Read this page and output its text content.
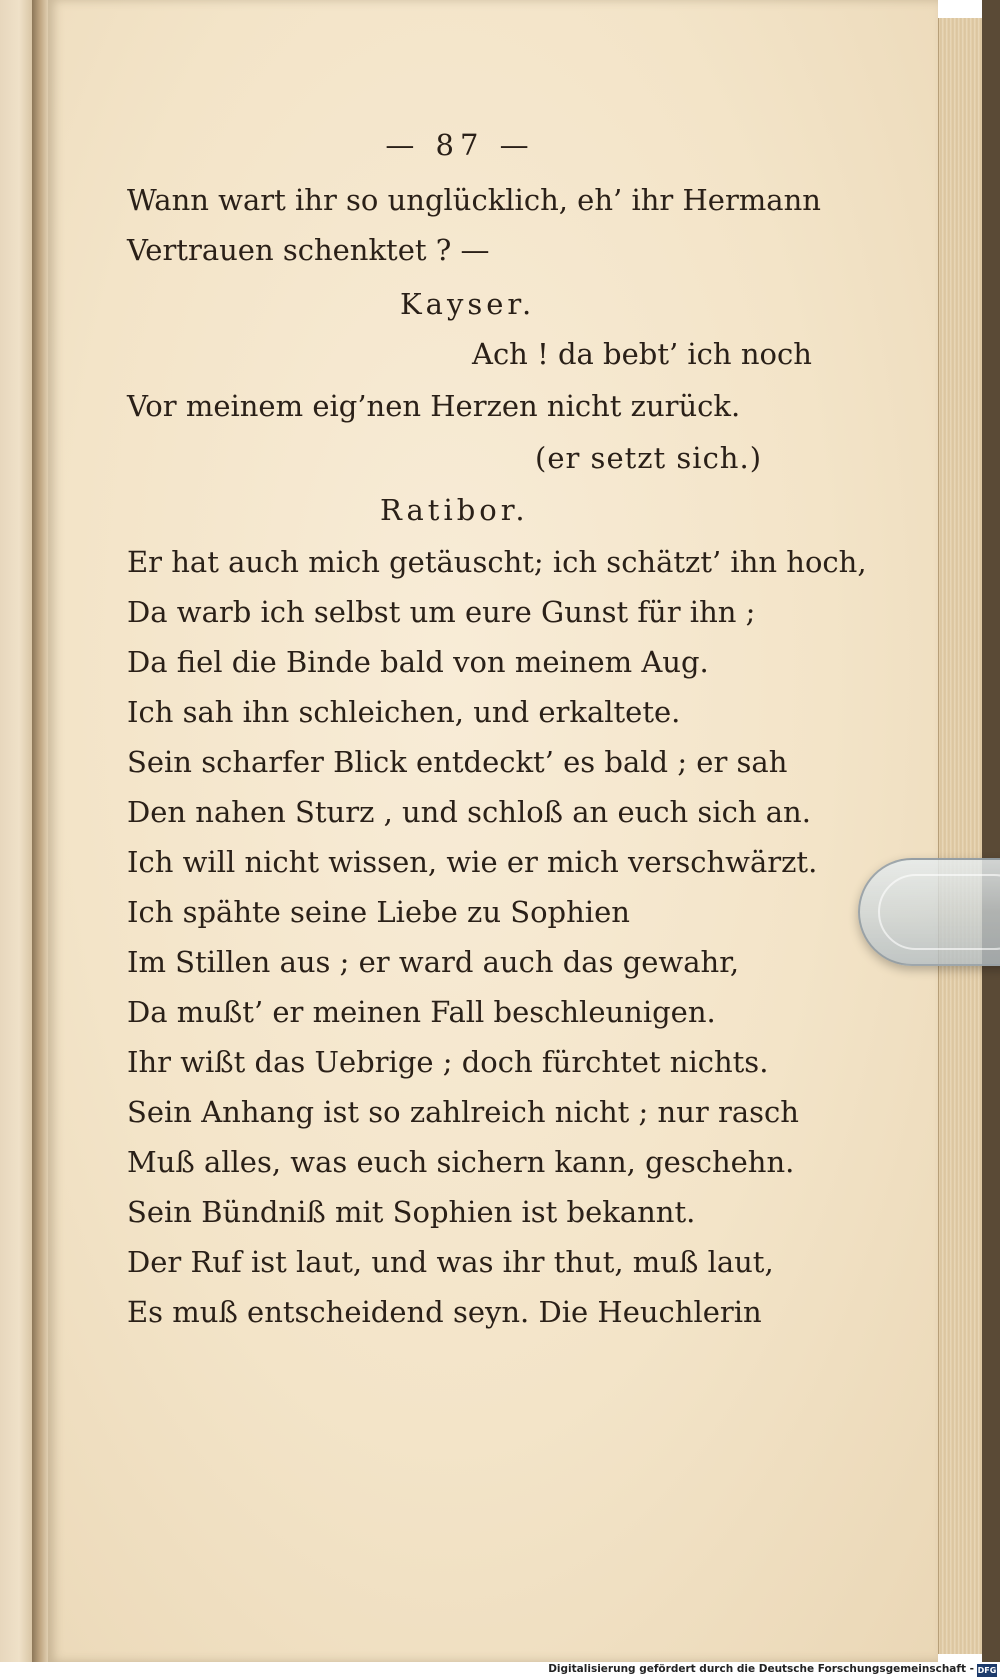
— 87 —
Wann wart ihr so unglücklich, eh’ ihr Hermann
Vertrauen schenktet ? —
Kayser.
Ach ! da bebt’ ich noch
Vor meinem eig’nen Herzen nicht zurück.
(er setzt sich.)
Ratibor.
Er hat auch mich getäuscht; ich schätzt’ ihn hoch,
Da warb ich selbst um eure Gunst für ihn ;
Da fiel die Binde bald von meinem Aug.
Ich sah ihn schleichen, und erkaltete.
Sein scharfer Blick entdeckt’ es bald ; er sah
Den nahen Sturz , und schloß an euch sich an.
Ich will nicht wissen, wie er mich verschwärzt.
Ich spähte seine Liebe zu Sophien
Im Stillen aus ; er ward auch das gewahr,
Da mußt’ er meinen Fall beschleunigen.
Ihr wißt das Uebrige ; doch fürchtet nichts.
Sein Anhang ist so zahlreich nicht ; nur rasch
Muß alles, was euch sichern kann, geschehn.
Sein Bündniß mit Sophien ist bekannt.
Der Ruf ist laut, und was ihr thut, muß laut,
Es muß entscheidend seyn. Die Heuchlerin
Digitalisierung gefördert durch die Deutsche Forschungsgemeinschaft - DFG
